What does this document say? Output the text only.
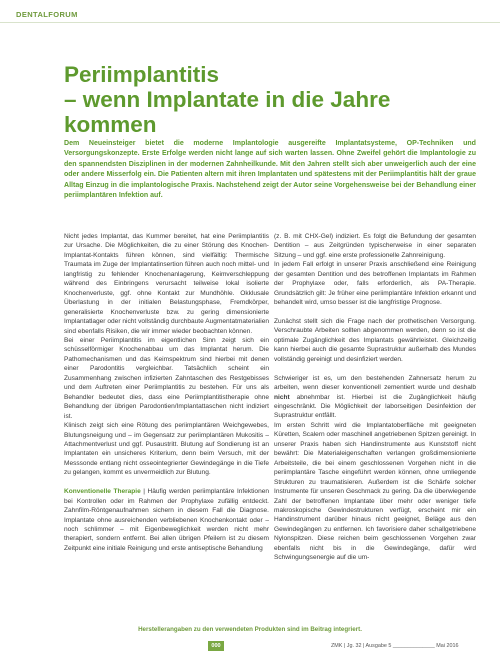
DENTALFORUM
Periimplantitis
– wenn Implantate in die Jahre kommen

Dem Neueinsteiger bietet die moderne Implantologie ausgereifte Implantatsysteme, OP-Techniken und Versorgungskonzepte. Erste Erfolge werden nicht lange auf sich warten lassen. Ohne Zweifel gehört die Implantologie zu den spannendsten Disziplinen in der modernen Zahnheilkunde. Mit den Jahren stellt sich aber unweigerlich auch der eine oder andere Misserfolg ein. Die Patienten altern mit ihren Implantaten und spätestens mit der Periimplantitis hält der graue Alltag Einzug in die implantologische Praxis. Nachstehend zeigt der Autor seine Vorgehensweise bei der Behandlung einer periimplantären Infektion auf.

Nicht jedes Implantat, das Kummer bereitet, hat eine Periimplantitis zur Ursache. Die Möglichkeiten, die zu einer Störung des Knochen-Implantat-Kontakts führen können, sind vielfältig: Thermische Traumata im Zuge der Implantatinsertion führen auch noch mittel- und langfristig zu fehlender Knochenanlagerung, Keimverschleppung während des Einbringens verursacht teilweise lokal isolierte Knochenverluste, ggf. ohne Kontakt zur Mundhöhle. Okklusale Überlastung in der initialen Belastungsphase, Fremdkörper, generalisierte Knochenverluste bzw. zu gering dimensionierte Implantatlager oder nicht vollständig durchbaute Augmentatmaterialien sind ebenfalls Risiken, die wir immer wieder beobachten können.

Bei einer Periimplantitis im eigentlichen Sinn zeigt sich ein schüsselförmiger Knochenabbau um das Implantat herum. Die Pathomechanismen und das Keimspektrum sind hierbei mit denen einer Parodontitis vergleichbar. Tatsächlich scheint ein Zusammenhang zwischen infizierten Zahntaschen des Restgebisses und dem Auftreten einer Periimplantitis zu bestehen. Für uns als Behandler bedeutet dies, dass eine Periimplantitistherapie ohne Behandlung der übrigen Parodontien/Implantattaschen nicht indiziert ist.

Klinisch zeigt sich eine Rötung des periimplantären Weichgewebes, Blutungsneigung und – im Gegensatz zur periimplantären Mukositis – Attachmentverlust und ggf. Pusaustritt. Blutung auf Sondierung ist an Implantaten ein unsicheres Kriterium, denn beim Versuch, mit der Messsonde entlang nicht osseointegrierter Gewindegänge in die Tiefe zu gelangen, kommt es unvermeidlich zur Blutung.

Konventionelle Therapie | Häufig werden periimplantäre Infektionen bei Kontrollen oder im Rahmen der Prophylaxe zufällig entdeckt. Zahnfilm-Röntgenaufnahmen sichern in diesem Fall die Diagnose. Implantate ohne ausreichenden verbliebenen Knochenkontakt oder – noch schlimmer – mit Eigenbeweglichkeit werden nicht mehr therapiert, sondern entfernt. Bei allen übrigen Pfeilern ist zu diesem Zeitpunkt eine initiale Reinigung und erste antiseptische Behandlung

(z. B. mit CHX-Gel) indiziert. Es folgt die Befundung der gesamten Dentition – aus Zeitgründen typischerweise in einer separaten Sitzung – und ggf. eine erste professionelle Zahnreinigung.

In jedem Fall erfolgt in unserer Praxis anschließend eine Reinigung der gesamten Dentition und des betroffenen Implantats im Rahmen der Prophylaxe oder, falls erforderlich, als PA-Therapie. Grundsätzlich gilt: Je früher eine periimplantäre Infektion erkannt und behandelt wird, umso besser ist die langfristige Prognose.

Zunächst stellt sich die Frage nach der prothetischen Versorgung. Verschraubte Arbeiten sollten abgenommen werden, denn so ist die optimale Zugänglichkeit des Implantats gewährleistet. Gleichzeitig kann hierbei auch die gesamte Suprastruktur außerhalb des Mundes vollständig gereinigt und desinfiziert werden.

Schwieriger ist es, um den bestehenden Zahnersatz herum zu arbeiten, wenn dieser konventionell zementiert wurde und deshalb nicht abnehmbar ist. Hierbei ist die Zugänglichkeit häufig eingeschränkt. Die Möglichkeit der laborseitigen Desinfektion der Suprastruktur entfällt.

Im ersten Schritt wird die Implantatoberfläche mit geeigneten Küretten, Scalern oder maschinell angetriebenen Spitzen gereinigt. In unserer Praxis haben sich Handinstrumente aus Kunststoff nicht bewährt: Die Materialeigenschaften verlangen großdimensionierte Arbeitsteile, die bei einem geschlossenen Vorgehen nicht in die periimplantäre Tasche eingeführt werden können, ohne umliegende Strukturen zu traumatisieren. Außerdem ist die Schärfe solcher Instrumente für unseren Geschmack zu gering. Da die überwiegende Zahl der betroffenen Implantate über mehr oder weniger tiefe makroskopische Gewindestrukturen verfügt, erscheint mir ein Handinstrument darüber hinaus nicht geeignet, Beläge aus den Gewindegängen zu entfernen. Ich favorisiere daher schallgetriebene Nylonspitzen. Diese reichen beim geschlossenen Vorgehen zwar ebenfalls nicht bis in die Gewindegänge, dafür wird Schwingungsenergie auf die um-

Herstellerangaben zu den verwendeten Produkten sind im Beitrag integriert.
000	ZMK | Jg. 32 | Ausgabe 5 ______________ Mai 2016
